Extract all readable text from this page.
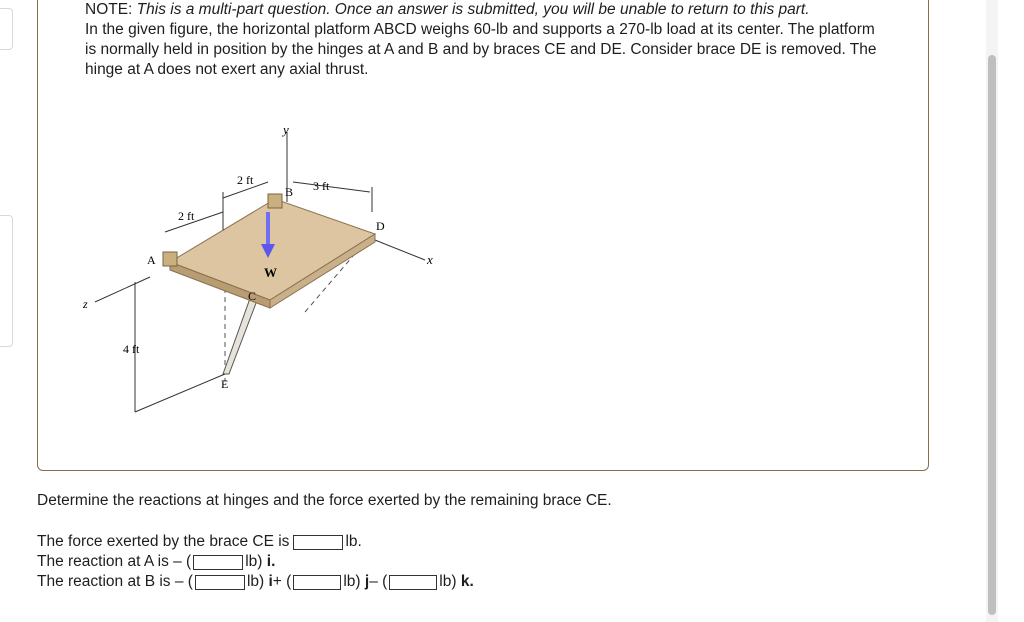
NOTE: This is a multi-part question. Once an answer is submitted, you will be unable to return to this part.

In the given figure, the horizontal platform ABCD weighs 60-lb and supports a 270-lb load at its center. The platform is normally held in position by the hinges at A and B and by braces CE and DE. Consider brace DE is removed. The hinge at A does not exert any axial thrust.

y
x
z
W
A
B
C
D
E
2 ft
2 ft
3 ft
4 ft
Determine the reactions at hinges and the force exerted by the remaining brace CE.
The force exerted by the brace CE is	lb.
The reaction at A is – (	lb)
i.
The reaction at B is – (	lb)
i + (	lb)
j – (	lb)
k.
